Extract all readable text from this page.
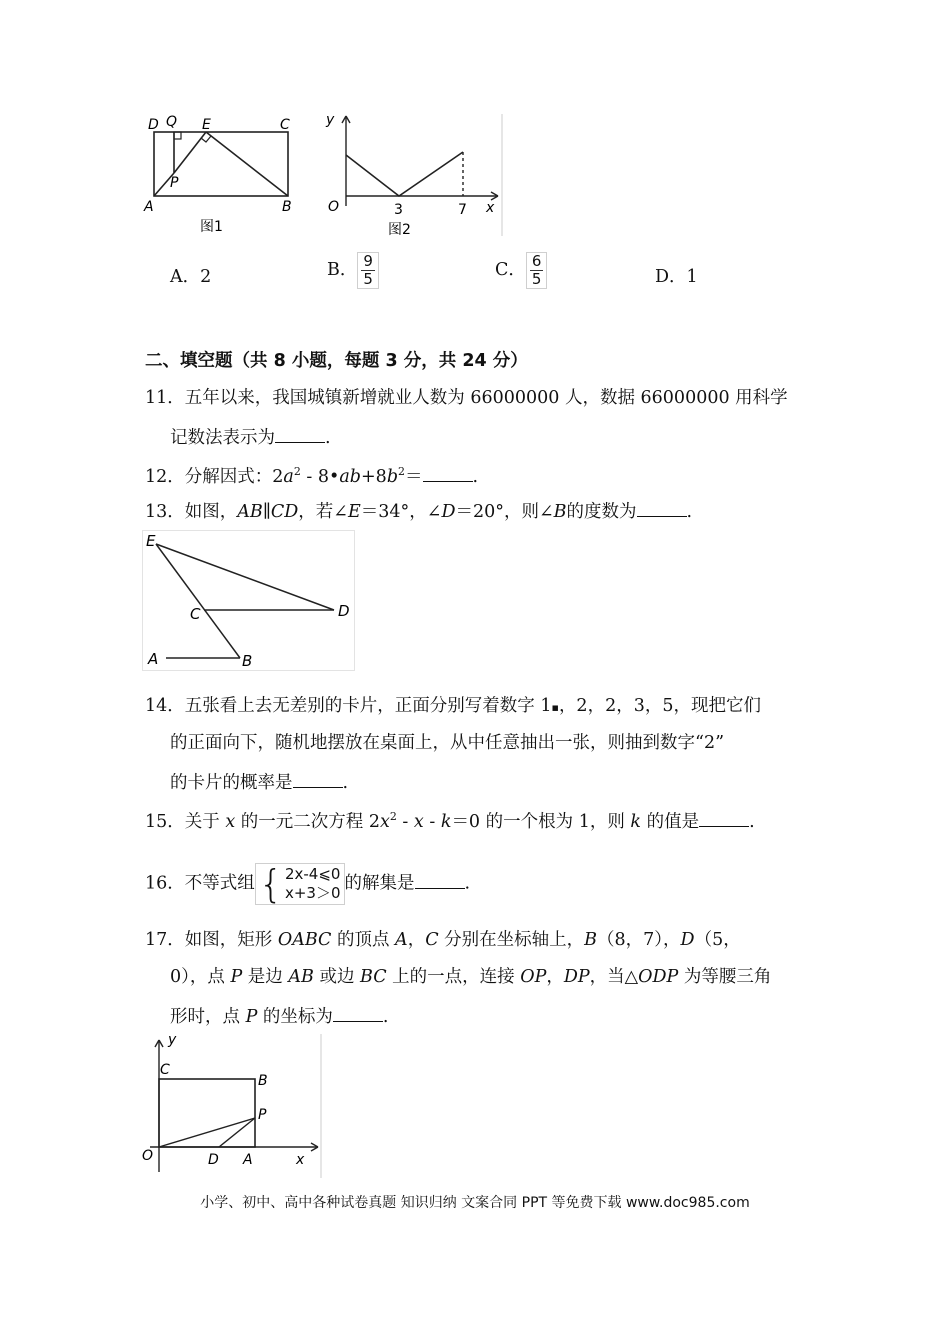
D Q E	C
P
A	B
图1
y
O	3	7 x
图2
A．2	B． $\frac{9}{5}$	C． $\frac{6}{5}$	D．1
二、填空题（共 8 小题，每题 3 分，共 24 分）
11．五年以来，我国城镇新增就业人数为 66000000 人，数据 66000000 用科学
记数法表示为	.
12．分解因式：$2a^2$ - $8•ab+8b^2=$	.
13．如图，AB∥CD，若∠E＝34°，∠D＝20°，则∠B的度数为	.
E
C	D
A	B
14．五张看上去无差别的卡片，正面分别写着数字 1▪，2，2，3，5，现把它们
的正面向下，随机地摆放在桌面上，从中任意抽出一张，则抽到数字“2”
的卡片的概率是	.
15．关于 x 的一元二次方程 $2x^2 - x - k=0$ 的一个根为 1，则 k 的值是	.
16．不等式组 { 2x-4⩽0
x+3＞0 的解集是	.
17．如图，矩形 OABC 的顶点 A，C 分别在坐标轴上，B（8，7），D（5，
0），点 P 是边 AB 或边 BC 上的一点，连接 OP，DP，当△ODP 为等腰三角
形时，点 P 的坐标为	.
y
C
B
P
O	D A	x
小学、初中、高中各种试卷真题 知识归纳 文案合同 PPT 等免费下载 www.doc985.com
